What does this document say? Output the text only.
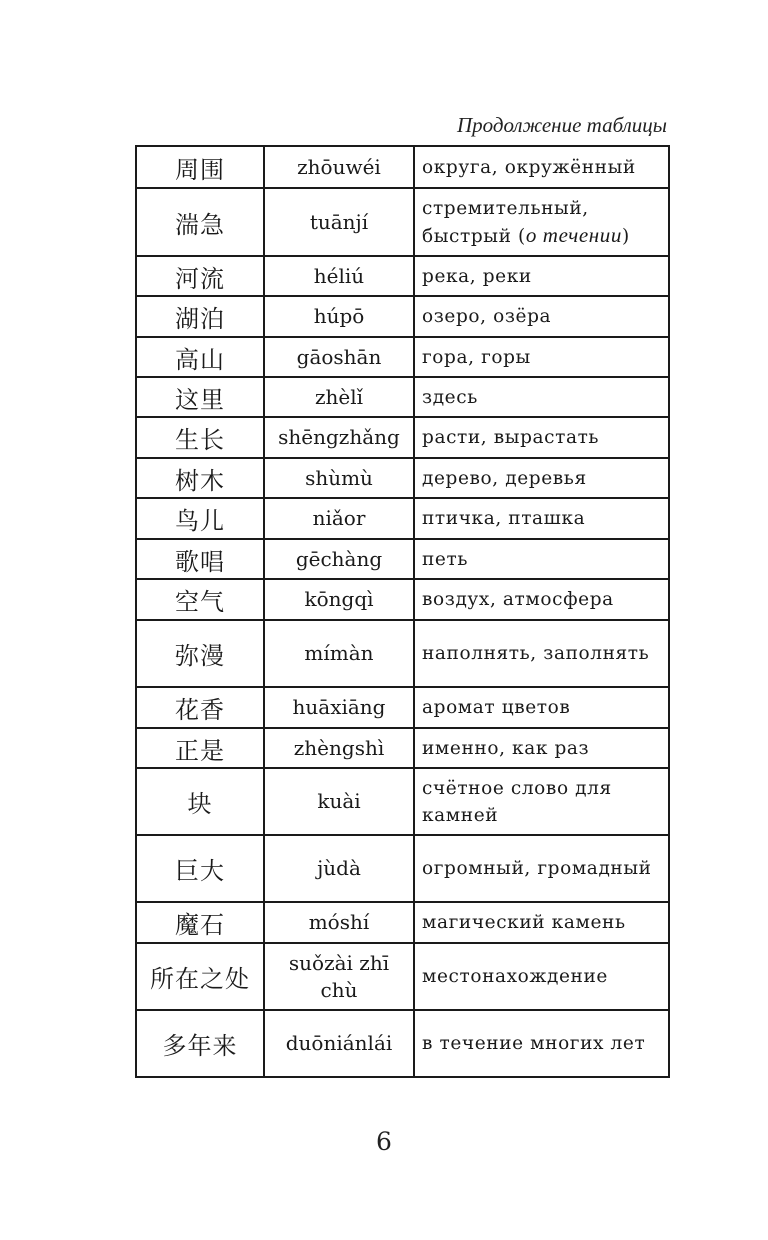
Продолжение таблицы
周围	zhōuwéi	округа, окружённый
湍急	tuānjí	стремительный, быстрый (о течении)
河流	héliú	река, реки
湖泊	húpō	озеро, озёра
高山	gāoshān	гора, горы
这里	zhèlǐ	здесь
生长	shēngzhǎng	расти, вырастать
树木	shùmù	дерево, деревья
鸟儿	niǎor	птичка, пташка
歌唱	gēchàng	петь
空气	kōngqì	воздух, атмосфера
弥漫	mímàn	наполнять, заполнять
花香	huāxiāng	аромат цветов
正是	zhèngshì	именно, как раз
块	kuài	счётное слово для камней
巨大	jùdà	огромный, громадный
魔石	móshí	магический камень
所在之处	suǒzài zhī chù	местонахождение
多年来	duōniánlái	в течение многих лет
6
